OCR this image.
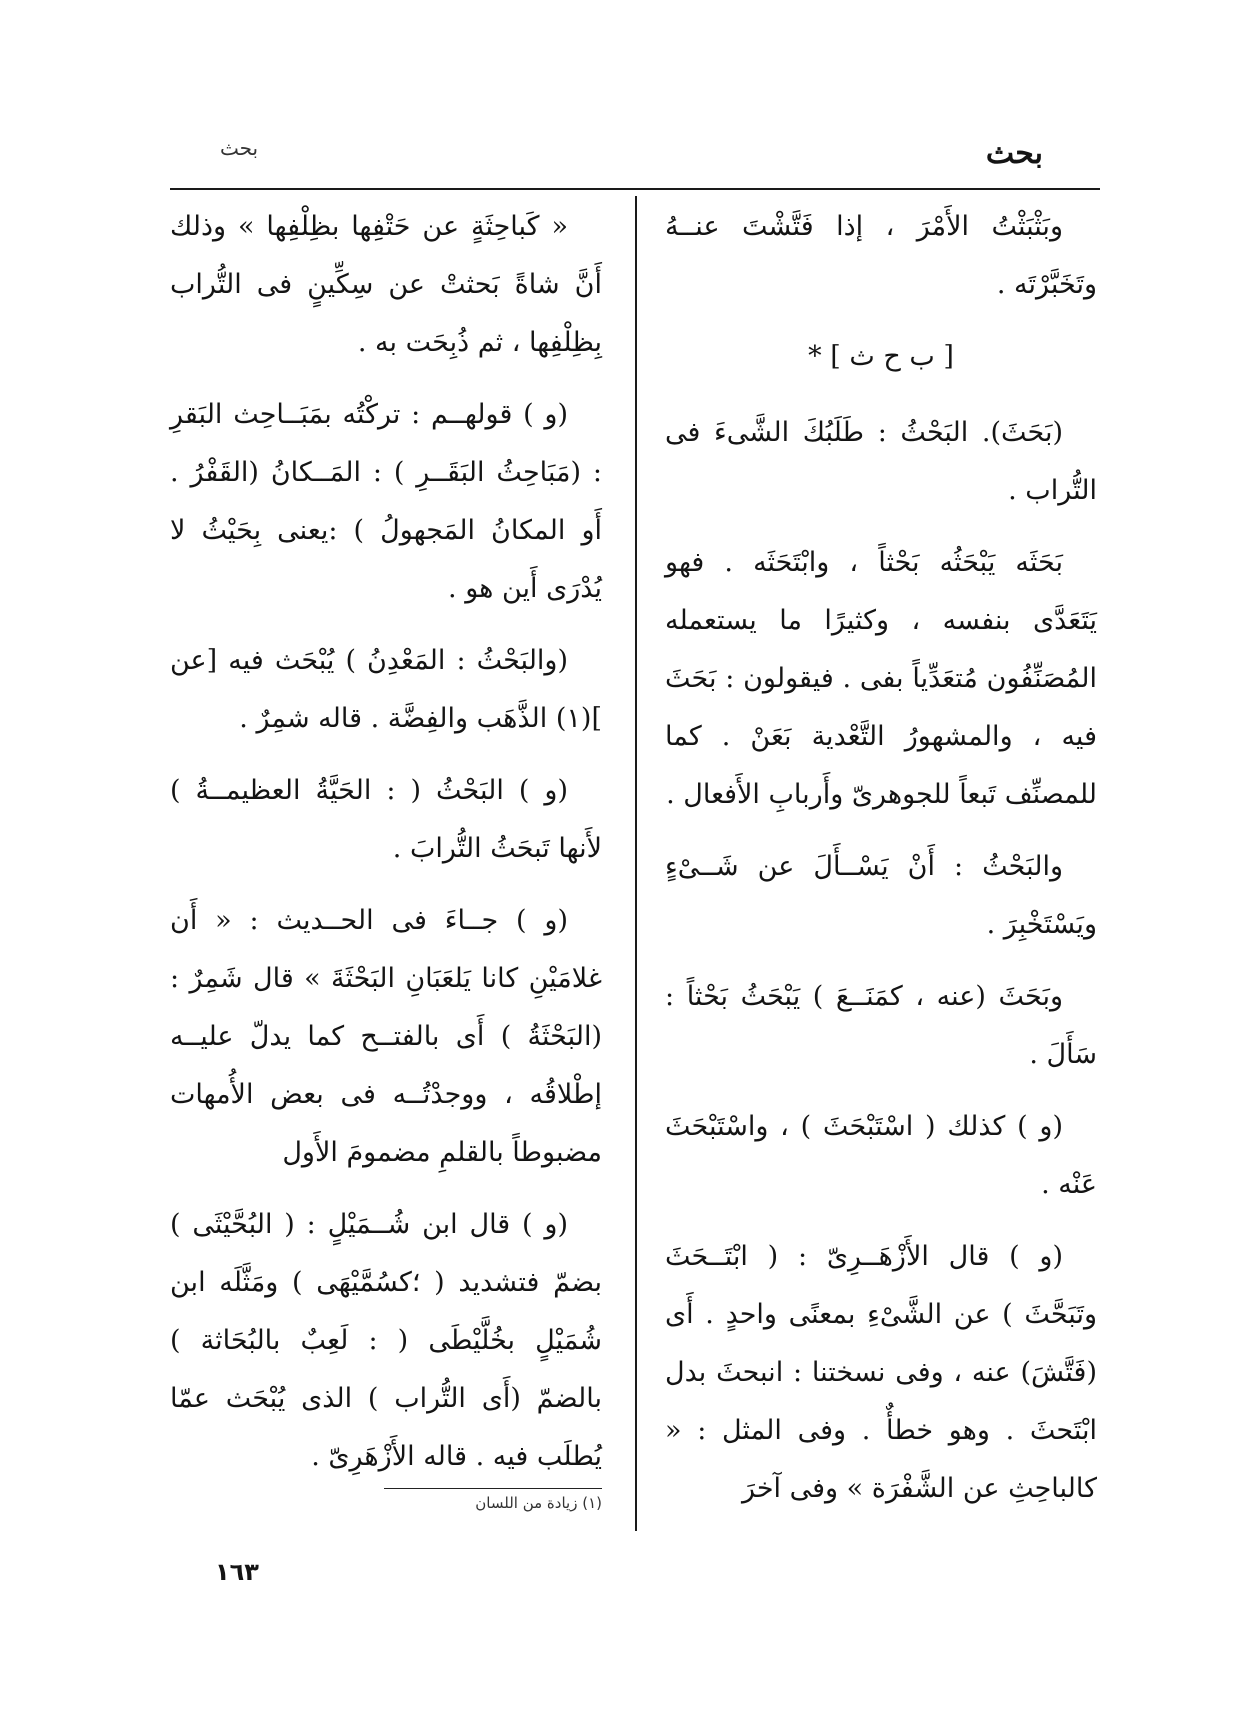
بحث
بحث

وبَثْبَثْتُ الأَمْرَ ، إذا فَتَّشْتَ عنــهُ وتَخَبَّرْتَه .

[ ب ح ث ] *

(بَحَثَ). البَحْثُ : طَلَبُكَ الشَّىءَ فى التُّراب .

بَحَثَه يَبْحَثُه بَحْثاً ، وابْتَحَثَه . فهو يَتَعَدَّى بنفسه ، وكثيرًا ما يستعمله المُصَنِّفُون مُتعَدِّياً بفى . فيقولون : بَحَثَ فيه ، والمشهورُ التَّعْدية بَعَنْ . كما للمصنِّف تَبعاً للجوهرىّ وأَربابِ الأَفعال .

والبَحْثُ : أَنْ يَسْــأَلَ عن شَــىْءٍ ويَسْتَخْبِرَ .

وبَحَثَ (عنه ، كمَنَــعَ ) يَبْحَثُ بَحْثاً : سَأَلَ .

(و ) كذلك ( اسْتَبْحَثَ ) ، واسْتَبْحَثَ عَنْه .

(و ) قال الأَزْهَــرِىّ : ( ابْتَــحَثَ وتَبَحَّثَ ) عن الشَّىْءِ بمعنًى واحدٍ . أَى (فَتَّشَ) عنه ، وفى نسختنا : انبحثَ بدل ابْتَحثَ . وهو خطأٌ . وفى المثل : « كالباحِثِ عن الشَّفْرَة » وفى آخرَ

« كَباحِثَةٍ عن حَتْفِها بظِلْفِها » وذلك أَنَّ شاةً بَحثتْ عن سِكِّينٍ فى التُّراب بِظِلْفِها ، ثم ذُبِحَت به .

(و ) قولهــم : تركْتُه بمَبَــاحِث البَقرِ : (مَبَاحِثُ البَقَــرِ ) : المَــكانُ (القَفْرُ . أَو المكانُ المَجهولُ ) :يعنى بِحَيْثُ لا يُدْرَى أَين هو .

(والبَحْثُ : المَعْدِنُ ) يُبْحَث فيه [عن ](١) الذَّهَب والفِضَّة . قاله شمِرٌ .

(و ) البَحْثُ ( : الحَيَّةُ العظيمــةُ ) لأَنها تَبحَثُ التُّرابَ .

(و ) جــاءَ فى الحــديث : « أَن غلامَيْنِ كانا يَلعَبَانِ البَحْثَةَ » قال شَمِرٌ : (البَحْثَةُ ) أَى بالفتــح كما يدلّ عليــه إطْلاقُه ، ووجدْتُــه فى بعض الأُمهات مضبوطاً بالقلمِ مضمومَ الأَول

(و ) قال ابن شُــمَيْلٍ : ( البُحَّيْثَى ) بضمّ فتشديد ( ؛كسُمَّيْهَى ) ومَثَّلَه ابن شُمَيْلٍ بخُلَّيْطَى ( : لَعِبٌ بالبُحَاثة ) بالضمّ (أَى التُّراب ) الذى يُبْحَث عمّا يُطلَب فيه . قاله الأَزْهَرِىّ .

(١) زيادة من اللسان
١٦٣
